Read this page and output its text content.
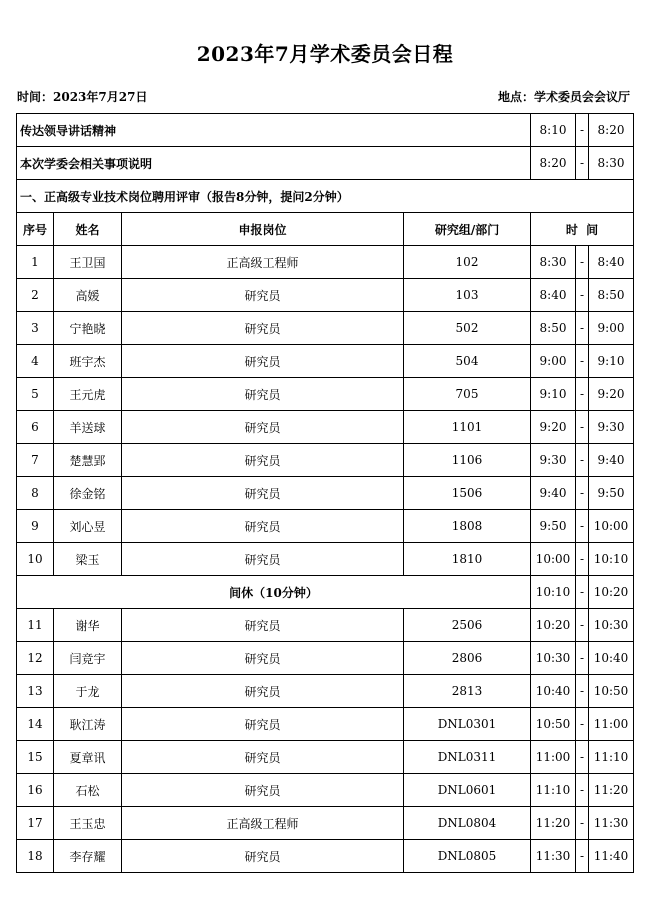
2023年7月学术委员会日程
时间：2023年7月27日	地点：学术委员会会议厅
传达领导讲话精神				8:10	-	8:20
本次学委会相关事项说明				8:20	-	8:30
一、正高级专业技术岗位聘用评审（报告8分钟，提问2分钟）						
序号	姓名	申报岗位	研究组/部门	时  间		
1	王卫国	正高级工程师	102	8:30	-	8:40
2	高媛	研究员	103	8:40	-	8:50
3	宁艳晓	研究员	502	8:50	-	9:00
4	班宇杰	研究员	504	9:00	-	9:10
5	王元虎	研究员	705	9:10	-	9:20
6	羊送球	研究员	1101	9:20	-	9:30
7	楚慧郢	研究员	1106	9:30	-	9:40
8	徐金铭	研究员	1506	9:40	-	9:50
9	刘心昱	研究员	1808	9:50	-	10:00
10	梁玉	研究员	1810	10:00	-	10:10
间休（10分钟）				10:10	-	10:20
11	谢华	研究员	2506	10:20	-	10:30
12	闫竞宇	研究员	2806	10:30	-	10:40
13	于龙	研究员	2813	10:40	-	10:50
14	耿江涛	研究员	DNL0301	10:50	-	11:00
15	夏章讯	研究员	DNL0311	11:00	-	11:10
16	石松	研究员	DNL0601	11:10	-	11:20
17	王玉忠	正高级工程师	DNL0804	11:20	-	11:30
18	李存耀	研究员	DNL0805	11:30	-	11:40
